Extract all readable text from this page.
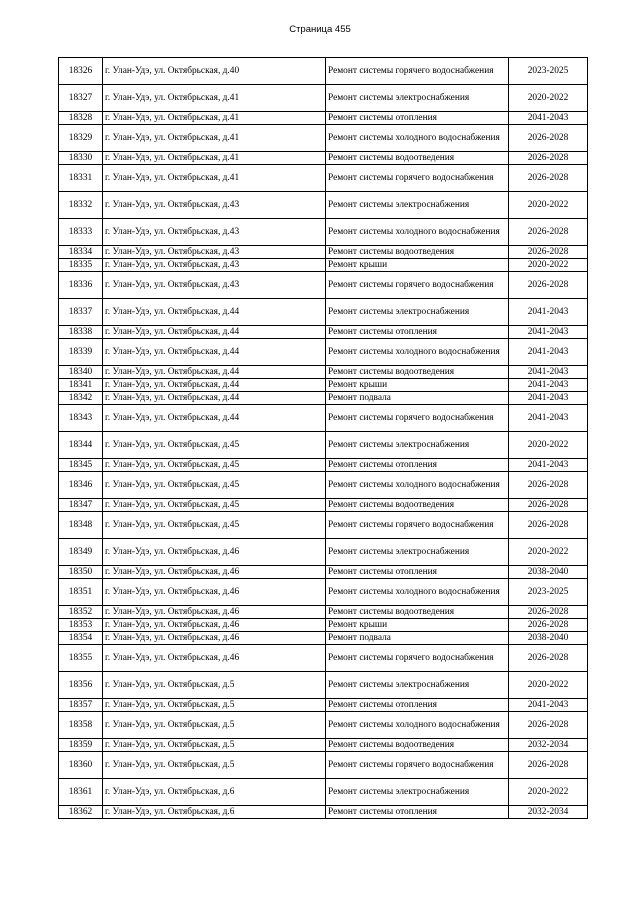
Страница 455
18326	г. Улан-Удэ, ул. Октябрьская, д.40	Ремонт системы горячего водоснабжения	2023-2025
18327	г. Улан-Удэ, ул. Октябрьская, д.41	Ремонт системы электроснабжения	2020-2022
18328	г. Улан-Удэ, ул. Октябрьская, д.41	Ремонт системы отопления	2041-2043
18329	г. Улан-Удэ, ул. Октябрьская, д.41	Ремонт системы холодного водоснабжения	2026-2028
18330	г. Улан-Удэ, ул. Октябрьская, д.41	Ремонт системы водоотведения	2026-2028
18331	г. Улан-Удэ, ул. Октябрьская, д.41	Ремонт системы горячего водоснабжения	2026-2028
18332	г. Улан-Удэ, ул. Октябрьская, д.43	Ремонт системы электроснабжения	2020-2022
18333	г. Улан-Удэ, ул. Октябрьская, д.43	Ремонт системы холодного водоснабжения	2026-2028
18334	г. Улан-Удэ, ул. Октябрьская, д.43	Ремонт системы водоотведения	2026-2028
18335	г. Улан-Удэ, ул. Октябрьская, д.43	Ремонт крыши	2020-2022
18336	г. Улан-Удэ, ул. Октябрьская, д.43	Ремонт системы горячего водоснабжения	2026-2028
18337	г. Улан-Удэ, ул. Октябрьская, д.44	Ремонт системы электроснабжения	2041-2043
18338	г. Улан-Удэ, ул. Октябрьская, д.44	Ремонт системы отопления	2041-2043
18339	г. Улан-Удэ, ул. Октябрьская, д.44	Ремонт системы холодного водоснабжения	2041-2043
18340	г. Улан-Удэ, ул. Октябрьская, д.44	Ремонт системы водоотведения	2041-2043
18341	г. Улан-Удэ, ул. Октябрьская, д.44	Ремонт крыши	2041-2043
18342	г. Улан-Удэ, ул. Октябрьская, д.44	Ремонт подвала	2041-2043
18343	г. Улан-Удэ, ул. Октябрьская, д.44	Ремонт системы горячего водоснабжения	2041-2043
18344	г. Улан-Удэ, ул. Октябрьская, д.45	Ремонт системы электроснабжения	2020-2022
18345	г. Улан-Удэ, ул. Октябрьская, д.45	Ремонт системы отопления	2041-2043
18346	г. Улан-Удэ, ул. Октябрьская, д.45	Ремонт системы холодного водоснабжения	2026-2028
18347	г. Улан-Удэ, ул. Октябрьская, д.45	Ремонт системы водоотведения	2026-2028
18348	г. Улан-Удэ, ул. Октябрьская, д.45	Ремонт системы горячего водоснабжения	2026-2028
18349	г. Улан-Удэ, ул. Октябрьская, д.46	Ремонт системы электроснабжения	2020-2022
18350	г. Улан-Удэ, ул. Октябрьская, д.46	Ремонт системы отопления	2038-2040
18351	г. Улан-Удэ, ул. Октябрьская, д.46	Ремонт системы холодного водоснабжения	2023-2025
18352	г. Улан-Удэ, ул. Октябрьская, д.46	Ремонт системы водоотведения	2026-2028
18353	г. Улан-Удэ, ул. Октябрьская, д.46	Ремонт крыши	2026-2028
18354	г. Улан-Удэ, ул. Октябрьская, д.46	Ремонт подвала	2038-2040
18355	г. Улан-Удэ, ул. Октябрьская, д.46	Ремонт системы горячего водоснабжения	2026-2028
18356	г. Улан-Удэ, ул. Октябрьская, д.5	Ремонт системы электроснабжения	2020-2022
18357	г. Улан-Удэ, ул. Октябрьская, д.5	Ремонт системы отопления	2041-2043
18358	г. Улан-Удэ, ул. Октябрьская, д.5	Ремонт системы холодного водоснабжения	2026-2028
18359	г. Улан-Удэ, ул. Октябрьская, д.5	Ремонт системы водоотведения	2032-2034
18360	г. Улан-Удэ, ул. Октябрьская, д.5	Ремонт системы горячего водоснабжения	2026-2028
18361	г. Улан-Удэ, ул. Октябрьская, д.6	Ремонт системы электроснабжения	2020-2022
18362	г. Улан-Удэ, ул. Октябрьская, д.6	Ремонт системы отопления	2032-2034
